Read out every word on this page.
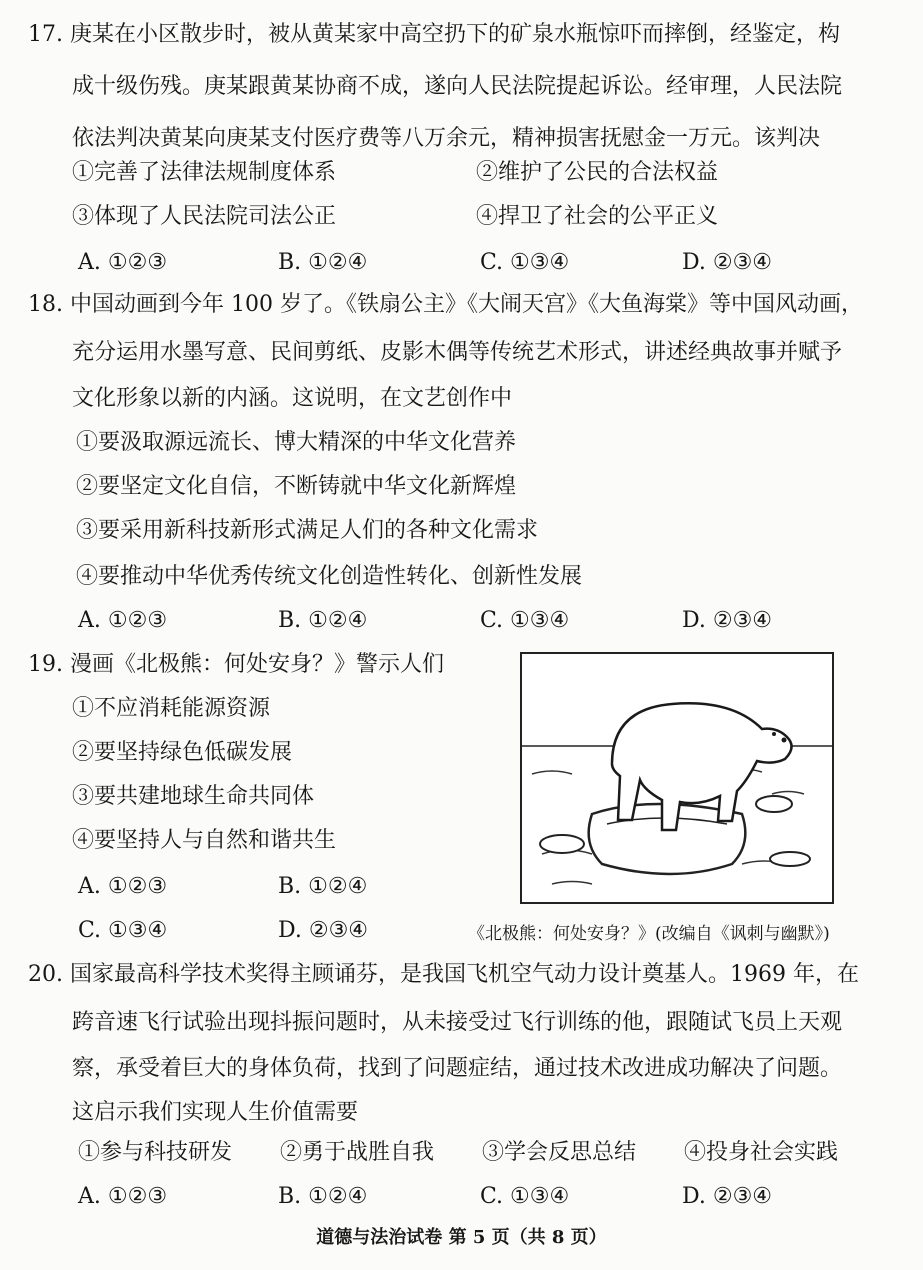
17. 庚某在小区散步时，被从黄某家中高空扔下的矿泉水瓶惊吓而摔倒，经鉴定，构
成十级伤残。庚某跟黄某协商不成，遂向人民法院提起诉讼。经审理，人民法院
依法判决黄某向庚某支付医疗费等八万余元，精神损害抚慰金一万元。该判决
①完善了法律法规制度体系	②维护了公民的合法权益
③体现了人民法院司法公正	④捍卫了社会的公平正义
A. ①②③	B. ①②④	C. ①③④	D. ②③④
18. 中国动画到今年 100 岁了。《铁扇公主》《大闹天宫》《大鱼海棠》等中国风动画，
充分运用水墨写意、民间剪纸、皮影木偶等传统艺术形式，讲述经典故事并赋予
文化形象以新的内涵。这说明，在文艺创作中
①要汲取源远流长、博大精深的中华文化营养
②要坚定文化自信，不断铸就中华文化新辉煌
③要采用新科技新形式满足人们的各种文化需求
④要推动中华优秀传统文化创造性转化、创新性发展
A. ①②③	B. ①②④	C. ①③④	D. ②③④
19. 漫画《北极熊：何处安身？》警示人们
①不应消耗能源资源
②要坚持绿色低碳发展
③要共建地球生命共同体
④要坚持人与自然和谐共生
A. ①②③	B. ①②④
C. ①③④	D. ②③④	《北极熊：何处安身？》(改编自《讽刺与幽默》)
20. 国家最高科学技术奖得主顾诵芬，是我国飞机空气动力设计奠基人。1969 年，在
跨音速飞行试验出现抖振问题时，从未接受过飞行训练的他，跟随试飞员上天观
察，承受着巨大的身体负荷，找到了问题症结，通过技术改进成功解决了问题。
这启示我们实现人生价值需要
①参与科技研发 ②勇于战胜自我 ③学会反思总结 ④投身社会实践
A. ①②③	B. ①②④	C. ①③④	D. ②③④
道德与法治试卷 第 5 页（共 8 页）
